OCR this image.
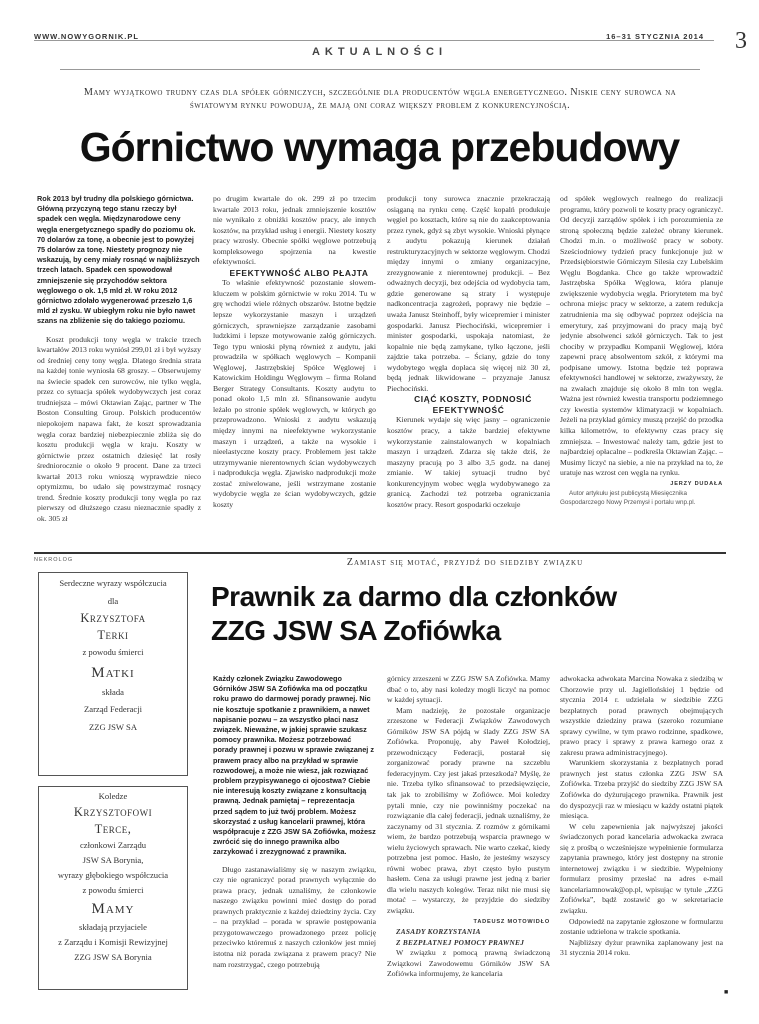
WWW.NOWYGORNIK.PL	16–31 STYCZNIA 2014 3
AKTUALNOŚCI
Mamy wyjątkowo trudny czas dla spółek górniczych, szczególnie dla producentów węgla energetycznego. Niskie ceny surowca na światowym rynku powodują, że mają oni coraz większy problem z konkurencyjnością.
Górnictwo wymaga przebudowy

Rok 2013 był trudny dla polskiego górnictwa. Główną przyczyną tego stanu rzeczy był spadek cen węgla. Międzynarodowe ceny węgla energetycznego spadły do poziomu ok. 70 dolarów za tonę, a obecnie jest to powyżej 75 dolarów za tonę. Niestety prognozy nie wskazują, by ceny miały rosnąć w najbliższych trzech latach. Spadek cen spowodował zmniejszenie się przychodów sektora węglowego o ok. 1,5 mld zł. W roku 2012 górnictwo zdołało wygenerować przeszło 1,6 mld zł zysku. W ubiegłym roku nie było nawet szans na zbliżenie się do takiego poziomu.

Koszt produkcji tony węgla w trakcie trzech kwartałów 2013 roku wyniósł 299,01 zł i był wyższy od średniej ceny tony węgla. Dlatego średnia strata na każdej tonie wyniosła 68 groszy. – Obserwujemy na świecie spadek cen surowców, nie tylko węgla, przez co sytuacja spółek wydobywczych jest coraz trudniejsza – mówi Oktawian Zając, partner w The Boston Consulting Group. Polskich producentów niepokojem napawa fakt, że koszt sprowadzania węgla coraz bardziej niebezpiecznie zbliża się do kosztu produkcji węgla w kraju. Koszty w górnictwie przez ostatnich dziesięć lat rosły średniorocznie o około 9 procent. Dane za trzeci kwartał 2013 roku wnioszą wyprawdzie nieco optymizmu, bo udało się powstrzymać rosnący trend. Średnie koszty produkcji tony węgla po raz pierwszy od dłuższego czasu nieznacznie spadły z ok. 305 zł

po drugim kwartale do ok. 299 zł po trzecim kwartale 2013 roku, jednak zmniejszenie kosztów nie wynikało z obniżki kosztów pracy, ale innych kosztów, na przykład usług i energii. Niestety koszty pracy wzrosły. Obecnie spółki węglowe potrzebują kompleksowego spojrzenia na kwestie efektywności.

EFEKTYWNOŚĆ ALBO PŁAJTA

To właśnie efektywność pozostanie słowem-kluczem w polskim górnictwie w roku 2014. Tu w grę wchodzi wiele różnych obszarów. Istotne będzie lepsze wykorzystanie maszyn i urządzeń górniczych, sprawniejsze zarządzanie zasobami ludzkimi i lepsze motywowanie załóg górniczych. Tego typu wnioski płyną również z audytu, jaki prowadziła w spółkach węglowych – Kompanii Węglowej, Jastrzębskiej Spółce Węglowej i Katowickim Holdingu Węglowym – firma Roland Berger Strategy Consultants. Koszty audytu to ponad około 1,5 mln zł. Sfinansowanie audytu leżało po stronie spółek węglowych, w których go przeprowadzono. Wnioski z audytu wskazują między innymi na nieefektywne wykorzystanie maszyn i urządzeń, a także na wysokie i nieelastyczne koszty pracy. Problemem jest także utrzymywanie nierentownych ścian wydobywczych i nadprodukcja węgla. Zjawisko nadprodukcji może zostać zniwelowane, jeśli wstrzymane zostanie wydobycie węgla ze ścian wydobywczych, gdzie koszty

produkcji tony surowca znacznie przekraczają osiąganą na rynku cenę. Część kopalń produkuje węgiel po kosztach, które są nie do zaakceptowania przez rynek, gdyż są zbyt wysokie. Wnioski płynące z audytu pokazują kierunek działań restrukturyzacyjnych w sektorze węglowym. Chodzi między innymi o zmiany organizacyjne, zrezygnowanie z nierentownej produkcji. – Bez odważnych decyzji, bez odejścia od wydobycia tam, gdzie generowane są straty i występuje nadkoncentracja zagrożeń, poprawy nie będzie – uważa Janusz Steinhoff, były wicepremier i minister gospodarki. Janusz Piechociński, wicepremier i minister gospodarki, uspokaja natomiast, że kopalnie nie będą zamykane, tylko łączone, jeśli zajdzie taka potrzeba. – Ściany, gdzie do tony wydobytego węgla dopłaca się więcej niż 30 zł, będą jednak likwidowane – przyznaje Janusz Piechociński.

CIĄĆ KOSZTY, PODNOSIĆ EFEKTYWNOŚĆ

Kierunek wydaje się więc jasny – ograniczenie kosztów pracy, a także bardziej efektywne wykorzystanie zainstalowanych w kopalniach maszyn i urządzeń. Zdarza się także dziś, że maszyny pracują po 3 albo 3,5 godz. na danej zmianie. W takiej sytuacji trudno być konkurencyjnym wobec węgla wydobywanego za granicą. Zachodzi też potrzeba ograniczania kosztów pracy. Resort gospodarki oczekuje

od spółek węglowych realnego do realizacji programu, który pozwoli te koszty pracy ograniczyć. Od decyzji zarządów spółek i ich porozumienia ze stroną społeczną będzie zależeć obrany kierunek. Chodzi m.in. o możliwość pracy w soboty. Sześciodniowy tydzień pracy funkcjonuje już w Przedsiębiorstwie Górniczym Silesia czy Lubelskim Węglu Bogdanka. Chce go także wprowadzić Jastrzębska Spółka Węglowa, która planuje zwiększenie wydobycia węgla. Priorytetem ma być ochrona miejsc pracy w sektorze, a zatem redukcja zatrudnienia ma się odbywać poprzez odejścia na emerytury, zaś przyjmowani do pracy mają być jedynie absolwenci szkół górniczych. Tak to jest chociby w przypadku Kompanii Węglowej, która zapewni pracę absolwentom szkół, z którymi ma podpisane umowy. Istotna będzie też poprawa efektywności handlowej w sektorze, zważywszy, że na zwałach znajduje się około 8 mln ton węgla. Ważna jest również kwestia transportu podziemnego czy kwestia systemów klimatyzacji w kopalniach. Jeżeli na przykład górnicy muszą przejść do przodka kilka kilometrów, to efektywny czas pracy się zmniejsza. – Inwestować należy tam, gdzie jest to najbardziej opłacalne – podkreśla Oktawian Zając. – Musimy liczyć na siebie, a nie na przykład na to, że uratuje nas wzrost cen węgla na rynku.

JERZY DUDAŁA

Autor artykułu jest publicystą Miesięcznika Gospodarczego Nowy Przemysł i portalu wnp.pl.

NEKROLOG	Zamiast się motać, przyjdź do siedziby związku
Prawnik za darmo dla członków
ZZG JSW SA Zofiówka
Serdeczne wyrazy współczucia
dla
Krzysztofa
Terki
z powodu śmierci
Matki
składa
Zarząd Federacji
ZZG JSW SA
Koledze
Krzysztofowi
Terce,
członkowi Zarządu
JSW SA Borynia,
wyrazy głębokiego współczucia
z powodu śmierci
Mamy
składają przyjaciele
z Zarządu i Komisji Rewizyjnej
ZZG JSW SA Borynia

Każdy członek Związku Zawodowego Górników JSW SA Zofiówka ma od początku roku prawo do darmowej porady prawnej. Nic nie kosztuje spotkanie z prawnikiem, a nawet napisanie pozwu – za wszystko płaci nasz związek. Nieważne, w jakiej sprawie szukasz pomocy prawnika. Możesz potrzebować porady prawnej i pozwu w sprawie związanej z prawem pracy albo na przykład w sprawie rozwodowej, a może nie wiesz, jak rozwiązać problem przypisywanego ci ojcostwa? Ciebie nie interesują koszty związane z konsultacją prawną. Jednak pamiętaj – reprezentacja przed sądem to już twój problem. Możesz skorzystać z usług kancelarii prawnej, która współpracuje z ZZG JSW SA Zofiówka, możesz zwrócić się do innego prawnika albo zarzykować i zrezygnować z prawnika.

Długo zastanawialiśmy się w naszym związku, czy nie ograniczyć porad prawnych wyłącznie do prawa pracy, jednak uznaliśmy, że członkowie naszego związku powinni mieć dostęp do porad prawnych praktycznie z każdej dziedziny życia. Czy – na przykład – porada w sprawie postępowania przygotowawczego prowadzonego przez policję przeciwko któremuś z naszych członków jest mniej istotna niż porada związana z prawem pracy? Nie nam rozstrzygać, czego potrzebują

górnicy zrzeszeni w ZZG JSW SA Zofiówka. Mamy dbać o to, aby nasi koledzy mogli liczyć na pomoc w każdej sytuacji.

Mam nadzieję, że pozostałe organizacje zrzeszone w Federacji Związków Zawodowych Górników JSW SA pójdą w ślady ZZG JSW SA Zofiówka. Proponuję, aby Paweł Kołodziej, przewodniczący Federacji, postarał się zorganizować porady prawne na szczeblu federacyjnym. Czy jest jakaś przeszkoda? Myślę, że nie. Trzeba tylko sfinansować to przedsięwzięcie, tak jak to zrobiliśmy w Zofiówce. Moi koledzy pytali mnie, czy nie powinniśmy poczekać na rozwiązanie dla całej federacji, jednak uznaliśmy, że zaczynamy od 31 stycznia. Z rozmów z górnikami wiem, że bardzo potrzebują wsparcia prawnego w wielu życiowych sprawach. Nie warto czekać, kiedy potrzebna jest pomoc. Hasło, że jesteśmy wszyscy równi wobec prawa, zbyt często było pustym hasłem. Cena za usługi prawne jest jedną z barier dla wielu naszych kolegów. Teraz nikt nie musi się motać – wystarczy, że przyjdzie do siedziby związku.

TADEUSZ MOTOWIDŁO

ZASADY KORZYSTANIA

Z BEZPŁATNEJ POMOCY PRAWNEJ

W związku z pomocą prawną świadczoną Związkowi Zawodowemu Górników JSW SA Zofiówka informujemy, że kancelaria

adwokacka adwokata Marcina Nowaka z siedzibą w Chorzowie przy ul. Jagiellońskiej 1 będzie od stycznia 2014 r. udzielała w siedzibie ZZG bezpłatnych porad prawnych obejmujących wszystkie dziedziny prawa (szeroko rozumiane sprawy cywilne, w tym prawo rodzinne, spadkowe, prawo pracy i sprawy z prawa karnego oraz z zakresu prawa administracyjnego).

Warunkiem skorzystania z bezpłatnych porad prawnych jest status członka ZZG JSW SA Zofiówka. Trzeba przyjść do siedziby ZZG JSW SA Zofiówka do dyżurującego prawnika. Prawnik jest do dyspozycji raz w miesiącu w każdy ostatni piątek miesiąca.

W celu zapewnienia jak najwyższej jakości świadczonych porad kancelaria adwokacka zwraca się z prośbą o wcześniejsze wypełnienie formularza zapytania prawnego, który jest dostępny na stronie internetowej związku i w siedzibie. Wypełniony formularz prosimy przesłać na adres e-mail kancelariamnowak@op.pl, wpisując w tytule „ZZG Zofiówka”, bądź zostawić go w sekretariacie związku.

Odpowiedź na zapytanie zgłoszone w formularzu zostanie udzielona w trakcie spotkania.

Najbliższy dyżur prawnika zaplanowany jest na 31 stycznia 2014 roku.

■
